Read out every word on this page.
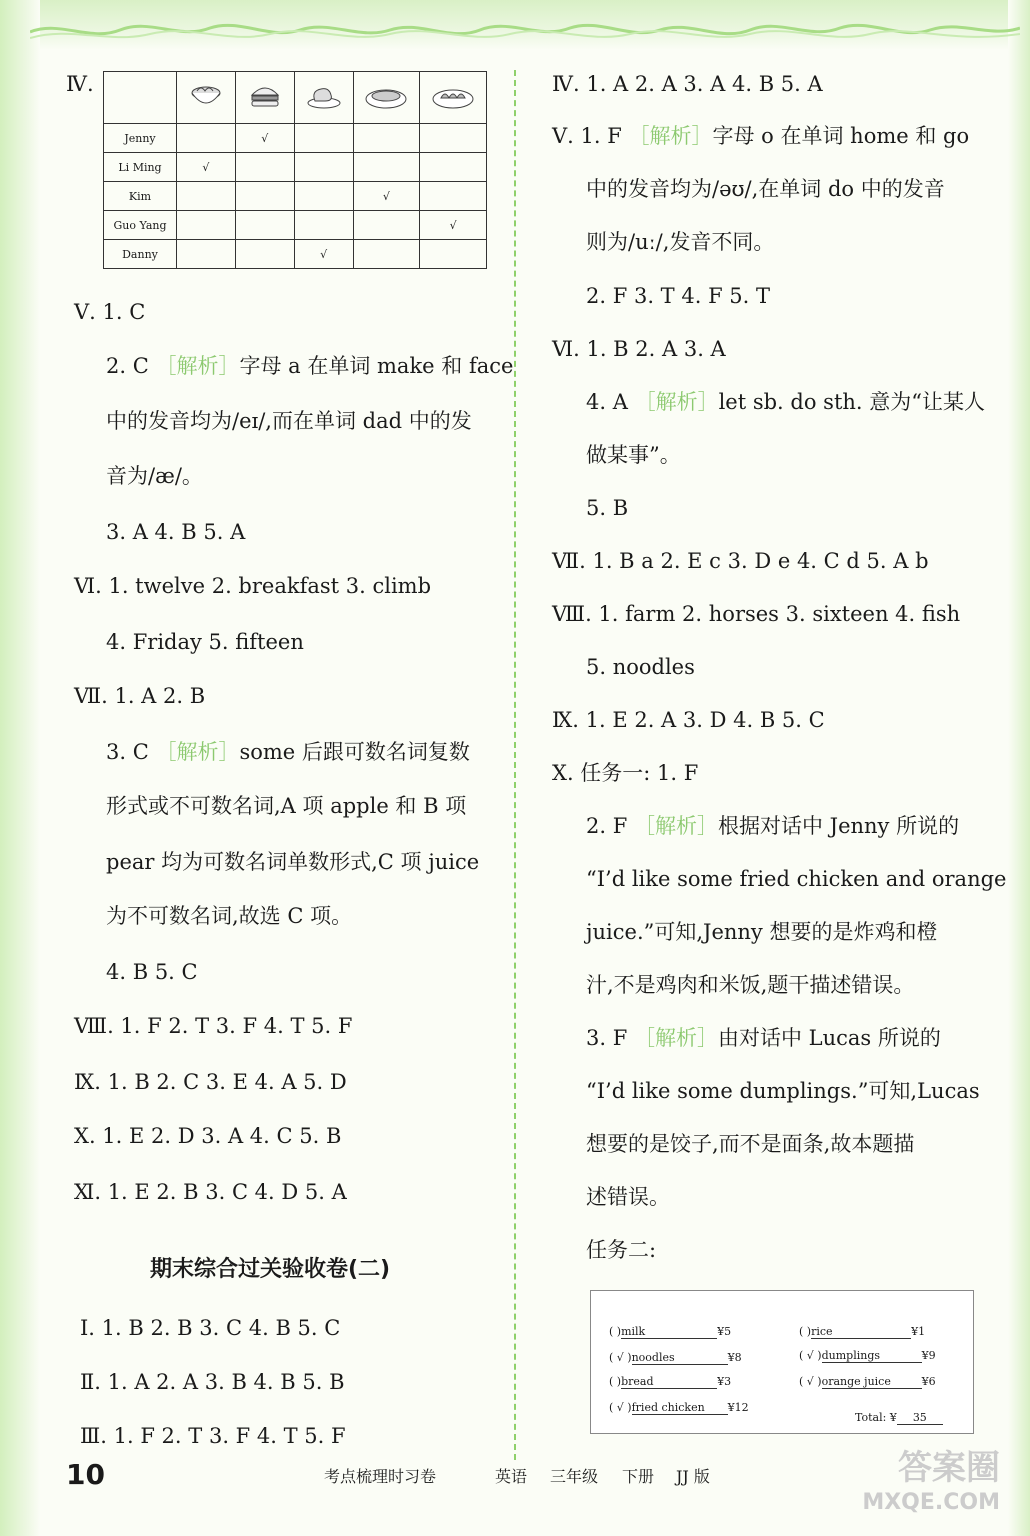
Ⅳ.

Jenny		√			
Li Ming	√				
Kim				√	
Guo Yang					√
Danny			√		
Ⅴ. 1. C
2. C ［解析］字母 a 在单词 make 和 face
中的发音均为/eɪ/,而在单词 dad 中的发
音为/æ/。
3. A 4. B 5. A
Ⅵ. 1. twelve 2. breakfast 3. climb
4. Friday 5. fifteen
Ⅶ. 1. A 2. B
3. C ［解析］some 后跟可数名词复数
形式或不可数名词,A 项 apple 和 B 项
pear 均为可数名词单数形式,C 项 juice
为不可数名词,故选 C 项。
4. B 5. C
Ⅷ. 1. F 2. T 3. F 4. T 5. F
Ⅸ. 1. B 2. C 3. E 4. A 5. D
Ⅹ. 1. E 2. D 3. A 4. C 5. B
Ⅺ. 1. E 2. B 3. C 4. D 5. A
期末综合过关验收卷(二)
Ⅰ. 1. B 2. B 3. C 4. B 5. C
Ⅱ. 1. A 2. A 3. B 4. B 5. B
Ⅲ. 1. F 2. T 3. F 4. T 5. F
Ⅳ. 1. A 2. A 3. A 4. B 5. A
Ⅴ. 1. F ［解析］字母 o 在单词 home 和 go
中的发音均为/əʊ/,在单词 do 中的发音
则为/uː/,发音不同。
2. F 3. T 4. F 5. T
Ⅵ. 1. B 2. A 3. A
4. A ［解析］let sb. do sth. 意为“让某人
做某事”。
5. B
Ⅶ. 1. B a 2. E c 3. D e 4. C d 5. A b
Ⅷ. 1. farm 2. horses 3. sixteen 4. fish
5. noodles
Ⅸ. 1. E 2. A 3. D 4. B 5. C
Ⅹ. 任务一: 1. F
2. F ［解析］根据对话中 Jenny 所说的
“I’d like some fried chicken and orange
juice.”可知,Jenny 想要的是炸鸡和橙
汁,不是鸡肉和米饭,题干描述错误。
3. F ［解析］由对话中 Lucas 所说的
“I’d like some dumplings.”可知,Lucas
想要的是饺子,而不是面条,故本题描
述错误。
任务二:
( )milk	¥5
( √ )noodles	¥8
( )bread	¥3
( √ )fried chicken ¥12
( )rice	¥1
( √ )dumplings	¥9
( √ )orange juice	¥6
Total: ¥ 35
10	考点梳理时习卷	英语 三年级 下册 JJ 版	答案圈
MXQE.COM
